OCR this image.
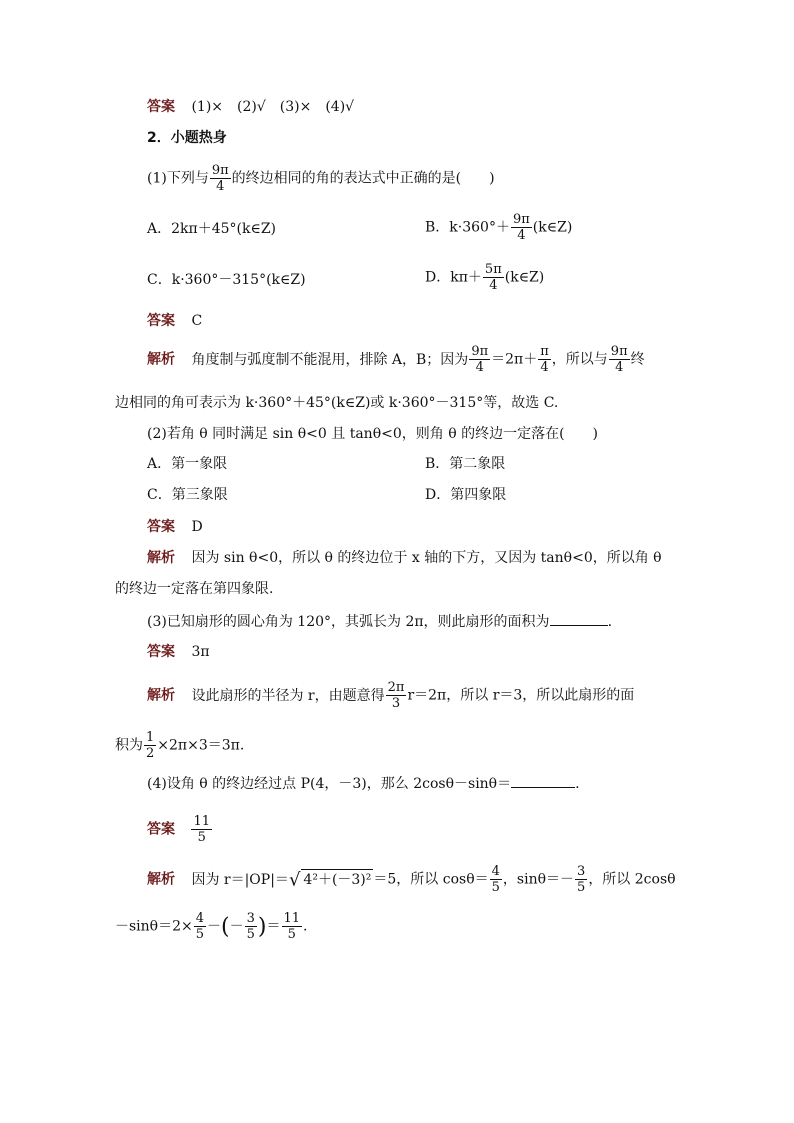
答案 (1)×　(2)√　(3)×　(4)√
2．小题热身
(1)下列与 $\frac{9\pi}{4}$ 的终边相同的角的表达式中正确的是(　　)
A．2kπ＋45°(k∈Z)	B．$k\cdot 360^\circ+ \frac{9\pi}{4}$ (k∈Z)
C．k·360°－315°(k∈Z)	D．$k\pi+ \frac{5\pi}{4}$ (k∈Z)
答案 C
解析 角度制与弧度制不能混用，排除 A，B；因为 $\frac{9\pi}{4} =2\pi+ \frac{\pi}{4}$ ，所以与 $\frac{9\pi}{4}$ 终
边相同的角可表示为 k·360°＋45°(k∈Z)或 k·360°－315°等，故选 C.
(2)若角 θ 同时满足 sin θ<0 且 tanθ<0，则角 θ 的终边一定落在(　　)
A．第一象限	B．第二象限
C．第三象限	D．第四象限
答案 D
解析 因为 sin θ<0，所以 θ 的终边位于 x 轴的下方，又因为 tanθ<0，所以角 θ
的终边一定落在第四象限.
(3)已知扇形的圆心角为 120°，其弧长为 2π，则此扇形的面积为	.
答案 3π
解析 设此扇形的半径为 r，由题意得 $\frac{2\pi}{3} r=2\pi$，所以 r＝3，所以此扇形的面
积为 $\frac{1}{2} \times 2\pi\times 3=3\pi$.
(4)设角 θ 的终边经过点 P(4，－3)，那么 2cosθ－sinθ＝	.
答案 $\frac{11}{5}$
解析 因为 r＝|OP|＝√ 4²＋(－3)² ＝5，所以 $\cos\theta= \frac{4}{5}$ ，$\sin\theta=- \frac{3}{5}$ ，所以 2cosθ
$-\sin\theta=2\times \frac{4}{5}$ －(－ $\frac{3}{5}$ )＝ $\frac{11}{5}$ .
